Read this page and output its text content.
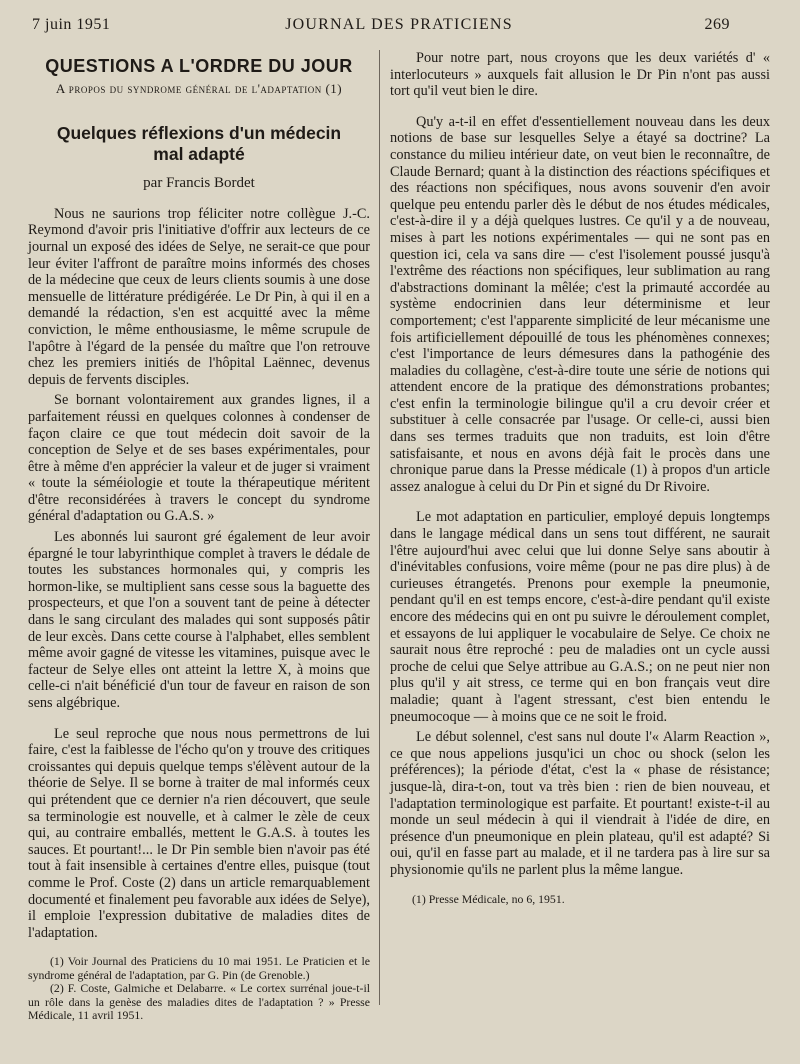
7 juin 1951	JOURNAL DES PRATICIENS	269
QUESTIONS A L'ORDRE DU JOUR
A propos du syndrome général de l'adaptation (1)
Quelques réflexions d'un médecin
mal adapté
par Francis Bordet

Nous ne saurions trop féliciter notre collègue J.-C. Reymond d'avoir pris l'initiative d'offrir aux lecteurs de ce journal un exposé des idées de Selye, ne serait-ce que pour leur éviter l'affront de paraître moins informés des choses de la médecine que ceux de leurs clients soumis à une dose mensuelle de littérature prédigérée. Le Dr Pin, à qui il en a demandé la rédaction, s'en est acquitté avec la même conviction, le même enthousiasme, le même scrupule de l'apôtre à l'égard de la pensée du maître que l'on retrouve chez les premiers initiés de l'hôpital Laënnec, devenus depuis de fervents disciples.

Se bornant volontairement aux grandes lignes, il a parfaitement réussi en quelques colonnes à condenser de façon claire ce que tout médecin doit savoir de la conception de Selye et de ses bases expérimentales, pour être à même d'en apprécier la valeur et de juger si vraiment « toute la séméiologie et toute la thérapeutique méritent d'être reconsidérées à travers le concept du syndrome général d'adaptation ou G.A.S. »

Les abonnés lui sauront gré également de leur avoir épargné le tour labyrinthique complet à travers le dédale de toutes les substances hormonales qui, y compris les hormon-like, se multiplient sans cesse sous la baguette des prospecteurs, et que l'on a souvent tant de peine à détecter dans le sang circulant des malades qui sont supposés pâtir de leur excès. Dans cette course à l'alphabet, elles semblent même avoir gagné de vitesse les vitamines, puisque avec le facteur de Selye elles ont atteint la lettre X, à moins que celle-ci n'ait bénéficié d'un tour de faveur en raison de son sens algébrique.

Le seul reproche que nous nous permettrons de lui faire, c'est la faiblesse de l'écho qu'on y trouve des critiques croissantes qui depuis quelque temps s'élèvent autour de la théorie de Selye. Il se borne à traiter de mal informés ceux qui prétendent que ce dernier n'a rien découvert, que seule sa terminologie est nouvelle, et à calmer le zèle de ceux qui, au contraire emballés, mettent le G.A.S. à toutes les sauces. Et pourtant!... le Dr Pin semble bien n'avoir pas été tout à fait insensible à certaines d'entre elles, puisque (tout comme le Prof. Coste (2) dans un article remarquablement documenté et finalement peu favorable aux idées de Selye), il emploie l'expression dubitative de maladies dites de l'adaptation.

(1) Voir Journal des Praticiens du 10 mai 1951. Le Praticien et le syndrome général de l'adaptation, par G. Pin (de Grenoble.)

(2) F. Coste, Galmiche et Delabarre. « Le cortex surrénal joue-t-il un rôle dans la genèse des maladies dites de l'adaptation ? » Presse Médicale, 11 avril 1951.

Pour notre part, nous croyons que les deux variétés d' « interlocuteurs » auxquels fait allusion le Dr Pin n'ont pas aussi tort qu'il veut bien le dire.

Qu'y a-t-il en effet d'essentiellement nouveau dans les deux notions de base sur lesquelles Selye a étayé sa doctrine? La constance du milieu intérieur date, on veut bien le reconnaître, de Claude Bernard; quant à la distinction des réactions spécifiques et des réactions non spécifiques, nous avons souvenir d'en avoir quelque peu entendu parler dès le début de nos études médicales, c'est-à-dire il y a déjà quelques lustres. Ce qu'il y a de nouveau, mises à part les notions expérimentales — qui ne sont pas en question ici, cela va sans dire — c'est l'isolement poussé jusqu'à l'extrême des réactions non spécifiques, leur sublimation au rang d'abstractions dominant la mêlée; c'est la primauté accordée au système endocrinien dans leur déterminisme et leur comportement; c'est l'apparente simplicité de leur mécanisme une fois artificiellement dépouillé de tous les phénomènes connexes; c'est l'importance de leurs démesures dans la pathogénie des maladies du collagène, c'est-à-dire toute une série de notions qui attendent encore de la pratique des démonstrations probantes; c'est enfin la terminologie bilingue qu'il a cru devoir créer et substituer à celle consacrée par l'usage. Or celle-ci, aussi bien dans ses termes traduits que non traduits, est loin d'être satisfaisante, et nous en avons déjà fait le procès dans une chronique parue dans la Presse médicale (1) à propos d'un article assez analogue à celui du Dr Pin et signé du Dr Rivoire.

Le mot adaptation en particulier, employé depuis longtemps dans le langage médical dans un sens tout différent, ne saurait l'être aujourd'hui avec celui que lui donne Selye sans aboutir à d'inévitables confusions, voire même (pour ne pas dire plus) à de curieuses étrangetés. Prenons pour exemple la pneumonie, pendant qu'il en est temps encore, c'est-à-dire pendant qu'il existe encore des médecins qui en ont pu suivre le déroulement complet, et essayons de lui appliquer le vocabulaire de Selye. Ce choix ne saurait nous être reproché : peu de maladies ont un cycle aussi proche de celui que Selye attribue au G.A.S.; on ne peut nier non plus qu'il y ait stress, ce terme qui en bon français veut dire maladie; quant à l'agent stressant, c'est bien entendu le pneumocoque — à moins que ce ne soit le froid.

Le début solennel, c'est sans nul doute l'« Alarm Reaction », ce que nous appelions jusqu'ici un choc ou shock (selon les préférences); la période d'état, c'est la « phase de résistance; jusque-là, dira-t-on, tout va très bien : rien de bien nouveau, et l'adaptation terminologique est parfaite. Et pourtant! existe-t-il au monde un seul médecin à qui il viendrait à l'idée de dire, en présence d'un pneumonique en plein plateau, qu'il est adapté? Si oui, qu'il en fasse part au malade, et il ne tardera pas à lire sur sa physionomie qu'ils ne parlent plus la même langue.

(1) Presse Médicale, no 6, 1951.
